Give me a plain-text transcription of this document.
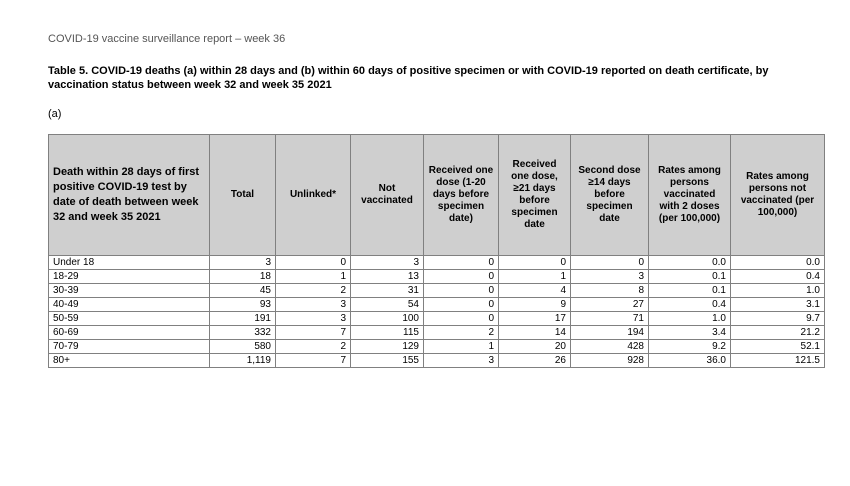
COVID-19 vaccine surveillance report – week 36
Table 5. COVID-19 deaths (a) within 28 days and (b) within 60 days of positive specimen or with COVID-19 reported on death certificate, by vaccination status between week 32 and week 35 2021
(a)
Death within 28 days of first positive COVID-19 test by date of death between week 32 and week 35 2021	Total	Unlinked*	Not vaccinated	Received one dose (1-20 days before specimen date)	Received one dose, ≥21 days before specimen date	Second dose ≥14 days before specimen date	Rates among persons vaccinated with 2 doses (per 100,000)	Rates among persons not vaccinated (per 100,000)
Under 18	3	0	3	0	0	0	0.0	0.0
18-29	18	1	13	0	1	3	0.1	0.4
30-39	45	2	31	0	4	8	0.1	1.0
40-49	93	3	54	0	9	27	0.4	3.1
50-59	191	3	100	0	17	71	1.0	9.7
60-69	332	7	115	2	14	194	3.4	21.2
70-79	580	2	129	1	20	428	9.2	52.1
80+	1,119	7	155	3	26	928	36.0	121.5
